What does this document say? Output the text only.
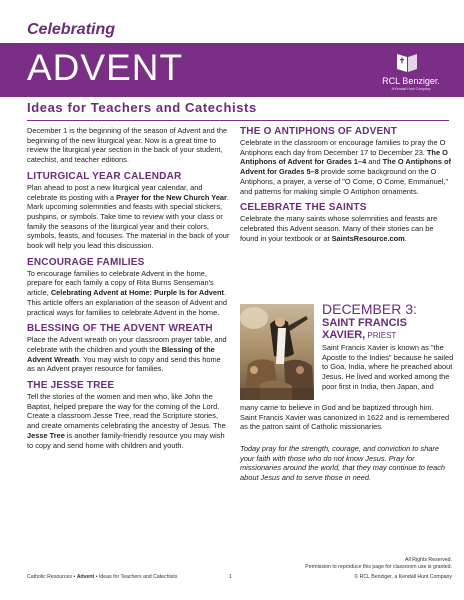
Celebrating
ADVENT	RCL Benziger.
A Kendall Hunt Company
Ideas for Teachers and Catechists

December 1 is the beginning of the season of Advent and the beginning of the new liturgical year. Now is a great time to review the liturgical year section in the back of your student, catechist, and teacher editions.

LITURGICAL YEAR CALENDAR

Plan ahead to post a new liturgical year calendar, and celebrate its posting with a Prayer for the New Church Year. Mark upcoming solemnities and feasts with special stickers, pushpins, or symbols. Take time to review with your class or family the seasons of the liturgical year and their colors, symbols, feasts, and focuses. The material in the back of your book will help you lead this discussion.

ENCOURAGE FAMILIES

To encourage families to celebrate Advent in the home, prepare for each family a copy of Rita Burns Senseman's article, Celebrating Advent at Home: Purple Is for Advent. This article offers an explanation of the season of Advent and practical ways for families to celebrate Advent in the home.

BLESSING OF THE ADVENT WREATH

Place the Advent wreath on your classroom prayer table, and celebrate with the children and youth the Blessing of the Advent Wreath. You may wish to copy and send this home as an Advent prayer resource for families.

THE JESSE TREE

Tell the stories of the women and men who, like John the Baptist, helped prepare the way for the coming of the Lord. Create a classroom Jesse Tree, read the Scripture stories, and create ornaments celebrating the ancestry of Jesus. The Jesse Tree is another family-friendly resource you may wish to copy and send home with children and youth.

THE O ANTIPHONS OF ADVENT

Celebrate in the classroom or encourage families to pray the O Antiphons each day from December 17 to December 23. The O Antiphons of Advent for Grades 1–4 and The O Antiphons of Advent for Grades 5–8 provide some background on the O Antiphons, a prayer, a verse of "O Come, O Come, Emmanuel," and patterns for making simple O Antiphon ornaments.

CELEBRATE THE SAINTS

Celebrate the many saints whose solemnities and feasts are celebrated this Advent season. Many of their stories can be found in your textbook or at SaintsResource.com.

DECEMBER 3:
SAINT FRANCIS XAVIER, PRIEST
Saint Francis Xavier is known as "the Apostle to the Indies" because he sailed to Goa, India, where he preached about Jesus. He lived and worked among the poor first in India, then Japan, and
many came to believe in God and be baptized through him. Saint Francis Xavier was canonized in 1622 and is remembered as the patron saint of Catholic missionaries.
Today pray for the strength, courage, and conviction to share your faith with those who do not know Jesus. Pray for missionaries around the world, that they may continue to teach about Jesus and to serve those in need.
Catholic Resources • Advent • Ideas for Teachers and Catechists	1
All Rights Reserved.
Permission to reproduce this page for classroom use is granted.
© RCL Benziger, a Kendall Hunt Company
